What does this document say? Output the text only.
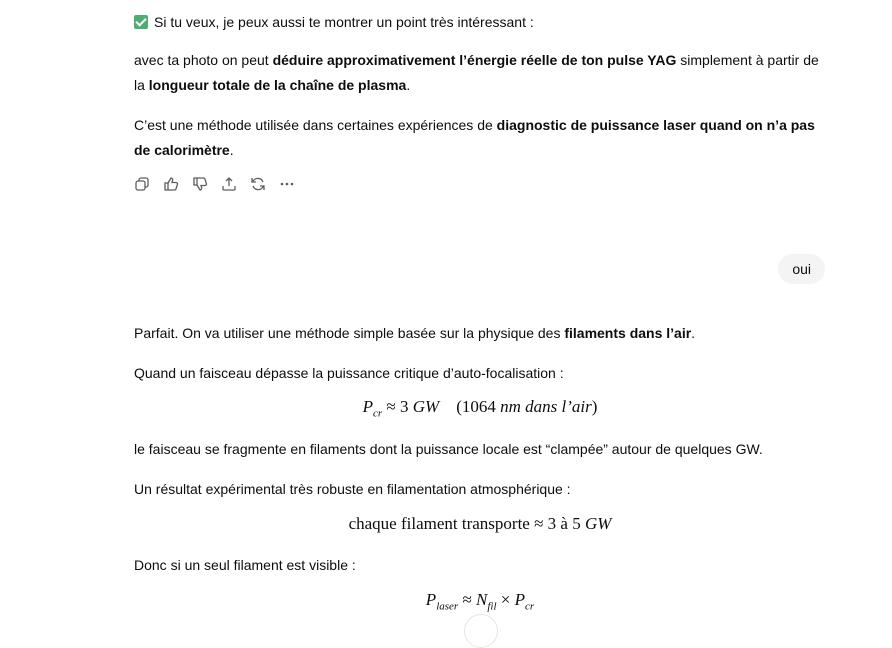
Si tu veux, je peux aussi te montrer un point très intéressant :

avec ta photo on peut déduire approximativement l’énergie réelle de ton pulse YAG simplement à partir de la longueur totale de la chaîne de plasma.

C’est une méthode utilisée dans certaines expériences de diagnostic de puissance laser quand on n’a pas de calorimètre.

oui

Parfait. On va utiliser une méthode simple basée sur la physique des filaments dans l’air.

Quand un faisceau dépasse la puissance critique d’auto-focalisation :

$P_{cr} \approx 3$ GW (1064 nm dans l’air)

le faisceau se fragmente en filaments dont la puissance locale est “clampée” autour de quelques GW.

Un résultat expérimental très robuste en filamentation atmosphérique :

chaque filament transporte ≈ 3 à 5 GW

Donc si un seul filament est visible :

$P_{laser} \approx N_{fil} \times P_{cr}$
